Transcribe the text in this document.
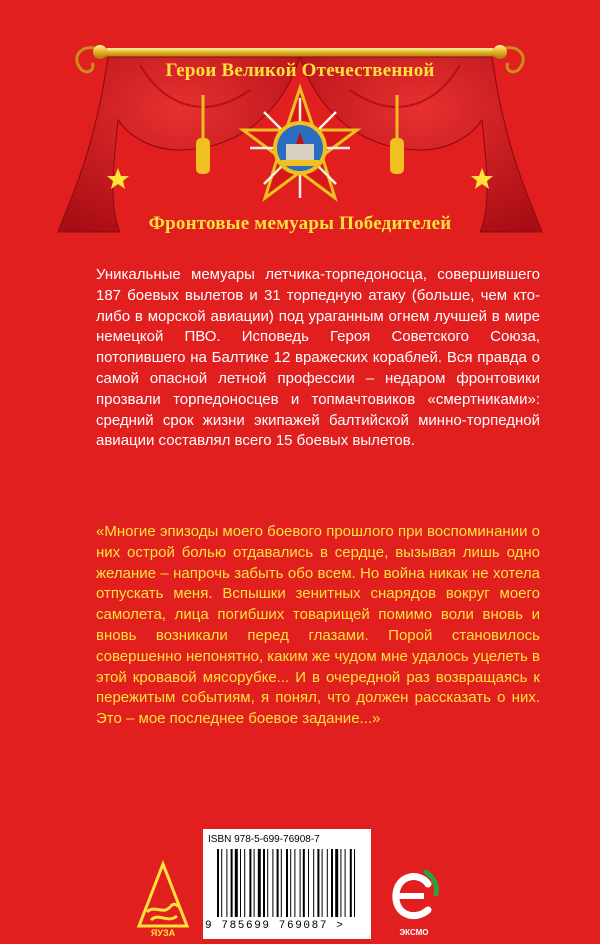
Герои Великой Отечественной
Фронтовые мемуары Победителей
Уникальные мемуары летчика-торпедоносца, совершившего 187 боевых вылетов и 31 торпедную атаку (больше, чем кто-либо в морской авиации) под ураганным огнем лучшей в мире немецкой ПВО. Исповедь Героя Советского Союза, потопившего на Балтике 12 вражеских кораблей. Вся правда о самой опасной летной профессии – недаром фронтовики прозвали торпедоносцев и топмачтовиков «смертниками»: средний срок жизни экипажей балтийской минно-торпедной авиации составлял всего 15 боевых вылетов.
«Многие эпизоды моего боевого прошлого при воспоминании о них острой болью отдавались в сердце, вызывая лишь одно желание – напрочь забыть обо всем. Но война никак не хотела отпускать меня. Вспышки зенитных снарядов вокруг моего самолета, лица погибших товарищей помимо воли вновь и вновь возникали перед глазами. Порой становилось совершенно непонятно, каким же чудом мне удалось уцелеть в этой кровавой мясорубке... И в очередной раз возвращаясь к пережитым событиям, я понял, что должен рассказать о них. Это – мое последнее боевое задание...»
ЯУЗА
ISBN 978-5-699-76908-7
9 785699 769087 >
ЭКСМО
